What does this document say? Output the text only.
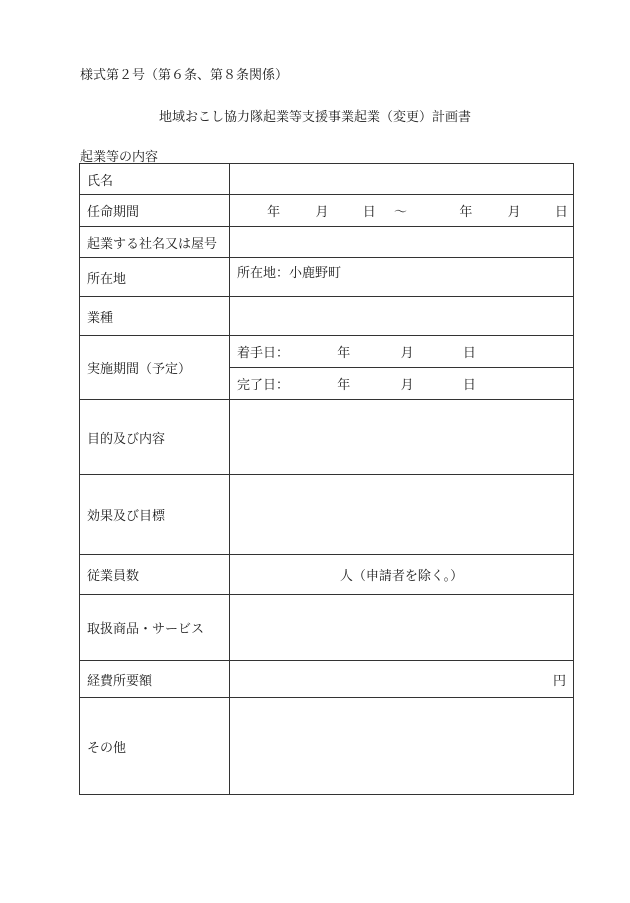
様式第２号（第６条、第８条関係）
地域おこし協力隊起業等支援事業起業（変更）計画書
起業等の内容
氏名	
任命期間	年 月 日 ～ 年 月 日
起業する社名又は屋号	
所在地	所在地：小鹿野町
業種	
実施期間（予定）	着手日： 年 月 日
	完了日： 年 月 日
目的及び内容	
効果及び目標	
従業員数	人（申請者を除く。）
取扱商品・サービス	
経費所要額	円
その他	
